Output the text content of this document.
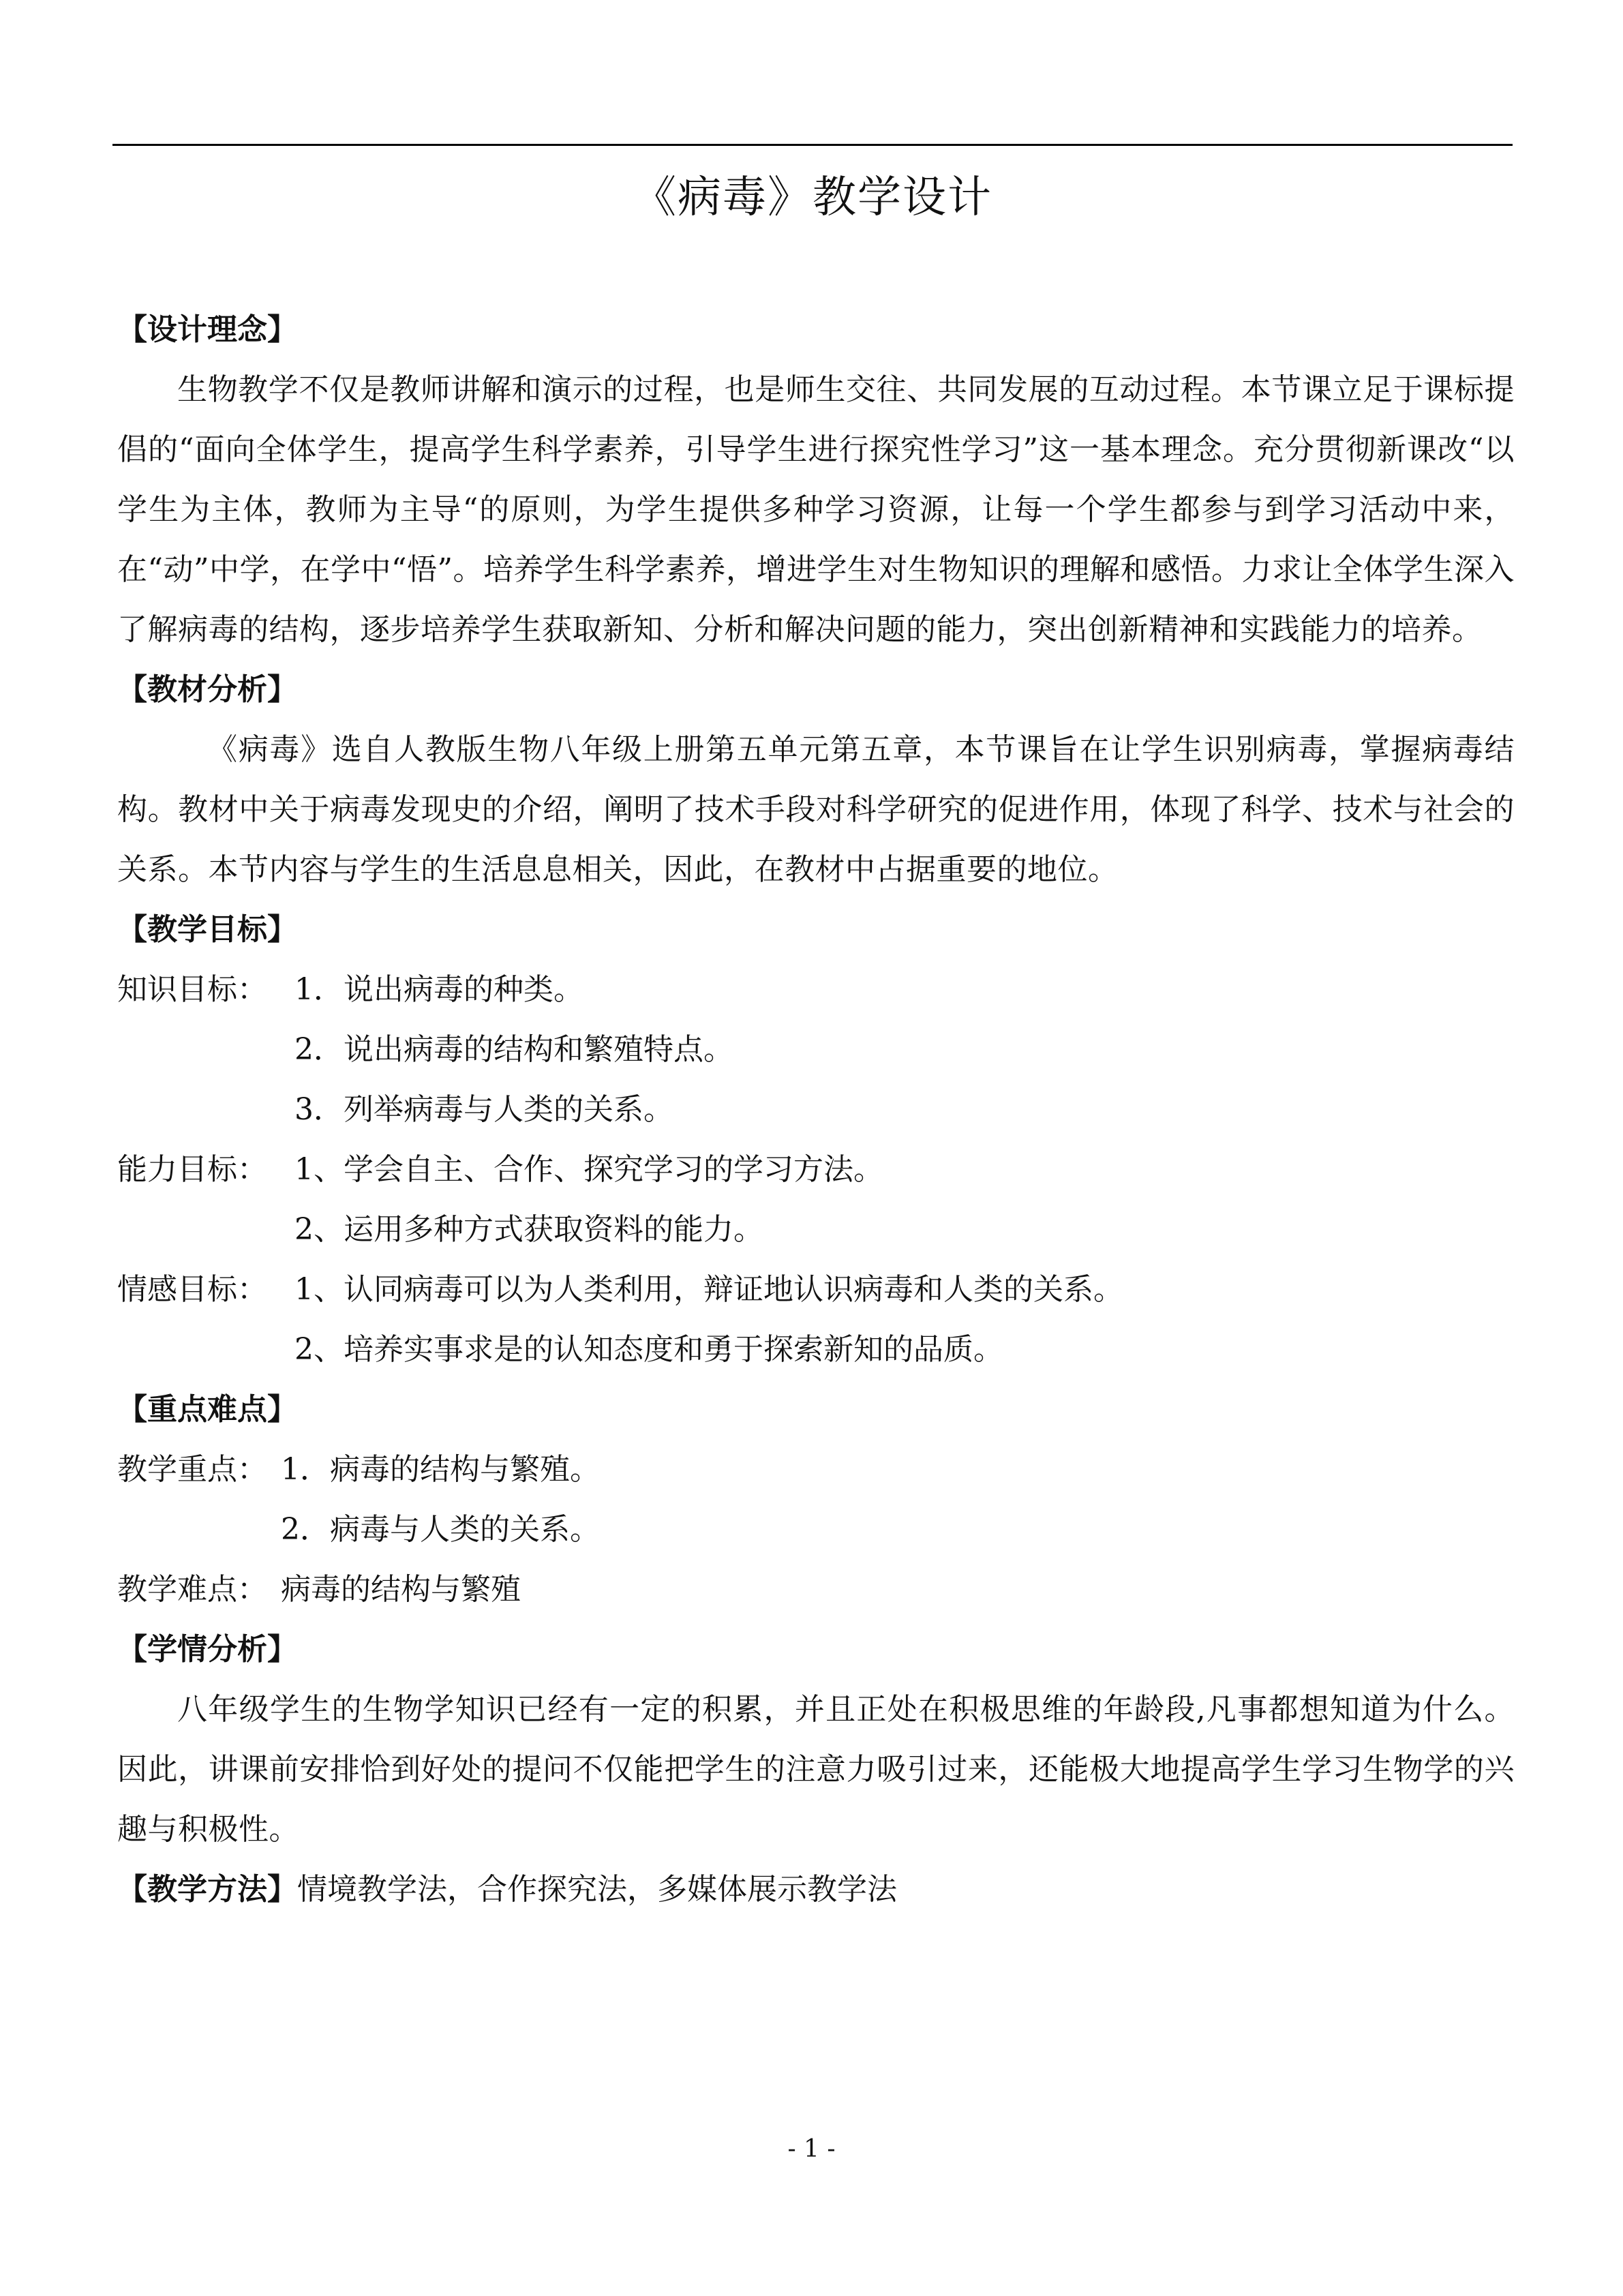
《病毒》教学设计
【设计理念】
生物教学不仅是教师讲解和演示的过程，也是师生交往、共同发展的互动过程。本节课立足于课标提倡的“面向全体学生，提高学生科学素养，引导学生进行探究性学习”这一基本理念。充分贯彻新课改“以学生为主体，教师为主导“的原则，为学生提供多种学习资源，让每一个学生都参与到学习活动中来，在“动”中学，在学中“悟”。培养学生科学素养，增进学生对生物知识的理解和感悟。力求让全体学生深入了解病毒的结构，逐步培养学生获取新知、分析和解决问题的能力，突出创新精神和实践能力的培养。
【教材分析】
《病毒》选自人教版生物八年级上册第五单元第五章，本节课旨在让学生识别病毒，掌握病毒结构。教材中关于病毒发现史的介绍，阐明了技术手段对科学研究的促进作用，体现了科学、技术与社会的关系。本节内容与学生的生活息息相关，因此，在教材中占据重要的地位。
【教学目标】
知识目标： 1．说出病毒的种类。
2．说出病毒的结构和繁殖特点。
3．列举病毒与人类的关系。
能力目标： 1、学会自主、合作、探究学习的学习方法。
2、运用多种方式获取资料的能力。
情感目标： 1、认同病毒可以为人类利用，辩证地认识病毒和人类的关系。
2、培养实事求是的认知态度和勇于探索新知的品质。
【重点难点】
教学重点： 1．病毒的结构与繁殖。
2．病毒与人类的关系。
教学难点： 病毒的结构与繁殖
【学情分析】
八年级学生的生物学知识已经有一定的积累，并且正处在积极思维的年龄段,凡事都想知道为什么。因此，讲课前安排恰到好处的提问不仅能把学生的注意力吸引过来，还能极大地提高学生学习生物学的兴趣与积极性。
【教学方法】 情境教学法，合作探究法，多媒体展示教学法
- 1 -
